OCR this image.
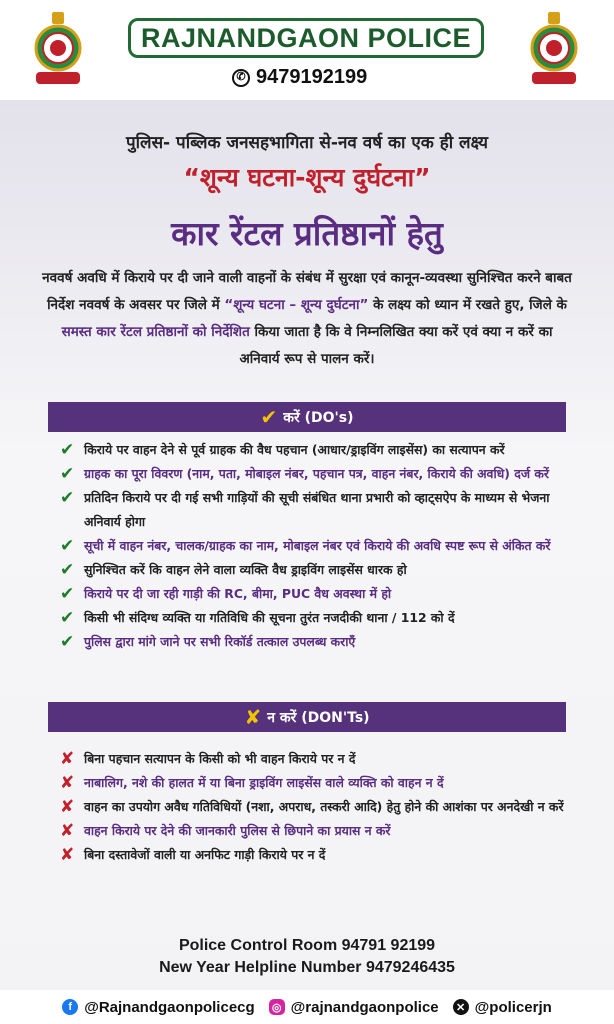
RAJNANDGAON POLICE
✆ 9479192199
पुलिस- पब्लिक जनसहभागिता से-नव वर्ष का एक ही लक्ष्य
“शून्य घटना-शून्य दुर्घटना”
कार रेंटल प्रतिष्ठानों हेतु
नववर्ष अवधि में किराये पर दी जाने वाली वाहनों के संबंध में सुरक्षा एवं कानून-व्यवस्था सुनिश्चित करने बाबत निर्देश नववर्ष के अवसर पर जिले में “शून्य घटना – शून्य दुर्घटना” के लक्ष्य को ध्यान में रखते हुए, जिले के समस्त कार रेंटल प्रतिष्ठानों को निर्देशित किया जाता है कि वे निम्नलिखित क्या करें एवं क्या न करें का अनिवार्य रूप से पालन करें।
✔ करें (DO's)
✔ किराये पर वाहन देने से पूर्व ग्राहक की वैध पहचान (आधार/ड्राइविंग लाइसेंस) का सत्यापन करें
✔ ग्राहक का पूरा विवरण (नाम, पता, मोबाइल नंबर, पहचान पत्र, वाहन नंबर, किराये की अवधि) दर्ज करें
✔ प्रतिदिन किराये पर दी गई सभी गाड़ियों की सूची संबंधित थाना प्रभारी को व्हाट्सऐप के माध्यम से भेजना अनिवार्य होगा
✔ सूची में वाहन नंबर, चालक/ग्राहक का नाम, मोबाइल नंबर एवं किराये की अवधि स्पष्ट रूप से अंकित करें
✔ सुनिश्चित करें कि वाहन लेने वाला व्यक्ति वैध ड्राइविंग लाइसेंस धारक हो
✔ किराये पर दी जा रही गाड़ी की RC, बीमा, PUC वैध अवस्था में हो
✔ किसी भी संदिग्ध व्यक्ति या गतिविधि की सूचना तुरंत नजदीकी थाना / 112 को दें
✔ पुलिस द्वारा मांगे जाने पर सभी रिकॉर्ड तत्काल उपलब्ध कराएँ
✘ न करें (DON'Ts)
✘ बिना पहचान सत्यापन के किसी को भी वाहन किराये पर न दें
✘ नाबालिग, नशे की हालत में या बिना ड्राइविंग लाइसेंस वाले व्यक्ति को वाहन न दें
✘ वाहन का उपयोग अवैध गतिविधियों (नशा, अपराध, तस्करी आदि) हेतु होने की आशंका पर अनदेखी न करें
✘ वाहन किराये पर देने की जानकारी पुलिस से छिपाने का प्रयास न करें
✘ बिना दस्तावेजों वाली या अनफिट गाड़ी किराये पर न दें
Police Control Room 94791 92199
New Year Helpline Number 9479246435
f @Rajnandgaonpolicecg ◎ @rajnandgaonpolice	✕ @policerjn
